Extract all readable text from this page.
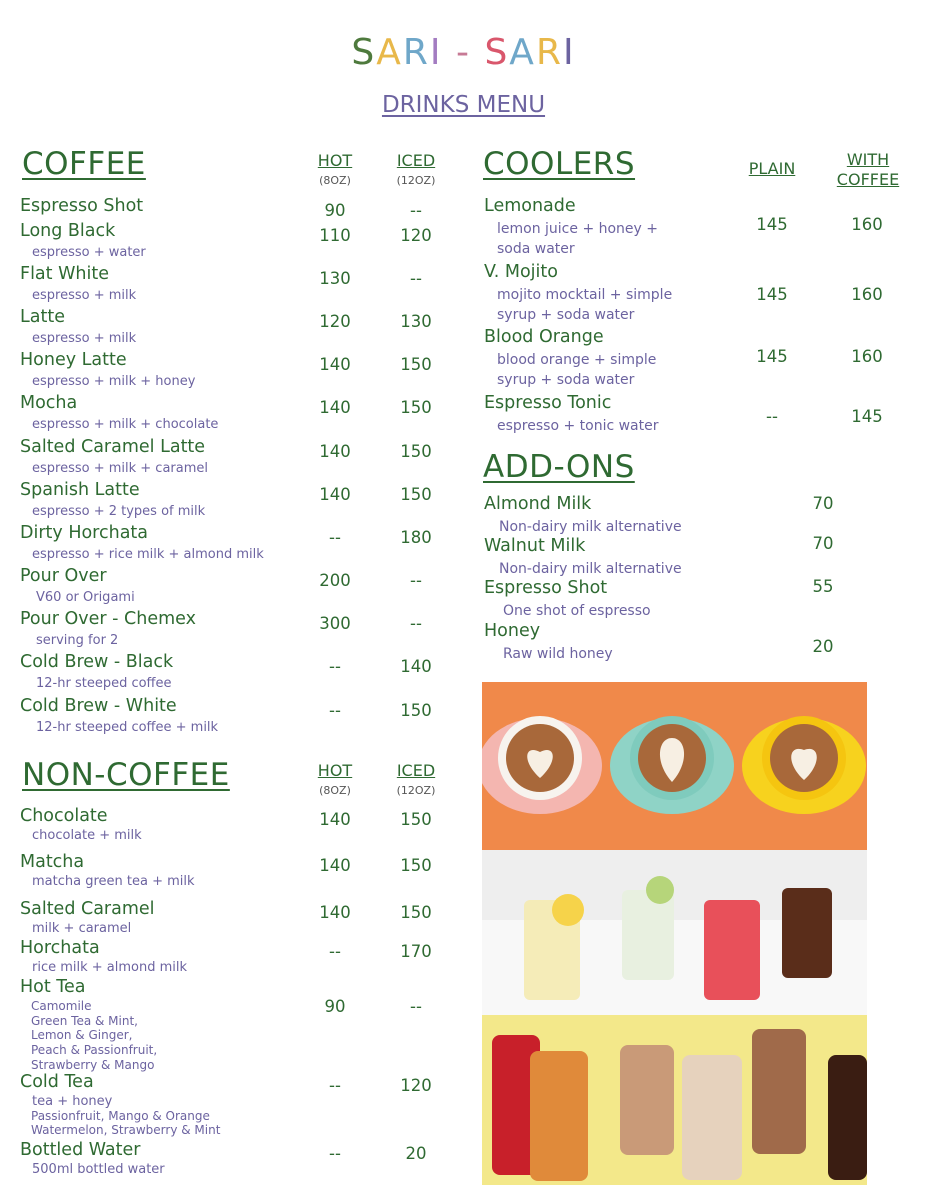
SARI - SARI
DRINKS MENU
COFFEE	HOT
(8OZ)
ICED
(12OZ)
Espresso Shot	90	--
Long Black
espresso + water
110	120
Flat White
espresso + milk
130	--
Latte
espresso + milk
120	130
Honey Latte
espresso + milk + honey
140	150
Mocha
espresso + milk + chocolate
140	150
Salted Caramel Latte
espresso + milk + caramel
140	150
Spanish Latte
espresso + 2 types of milk
140	150
Dirty Horchata
espresso + rice milk + almond milk
--	180
Pour Over
V60 or Origami
200	--
Pour Over - Chemex
serving for 2
300	--
Cold Brew - Black
12-hr steeped coffee
--	140
Cold Brew - White
12-hr steeped coffee + milk
--	150
NON-COFFEE	HOT
(8OZ)
ICED
(12OZ)
Chocolate
chocolate + milk
140	150
Matcha
matcha green tea + milk
140	150
Salted Caramel
milk + caramel
140	150
Horchata
rice milk + almond milk
--	170
Hot Tea
Camomile
Green Tea & Mint,
Lemon & Ginger,
Peach & Passionfruit,
Strawberry & Mango
90	--
Cold Tea
tea + honey
Passionfruit, Mango & Orange
Watermelon, Strawberry & Mint
--	120
Bottled Water
500ml bottled water
--	20
COOLERS	PLAIN	WITH
COFFEE
Lemonade
lemon juice + honey +
soda water
145	160
V. Mojito
mojito mocktail + simple
syrup + soda water
145	160
Blood Orange
blood orange + simple
syrup + soda water
145	160
Espresso Tonic
espresso + tonic water	--	145
ADD-ONS
Almond Milk
Non-dairy milk alternative
70
Walnut Milk
Non-dairy milk alternative
70
Espresso Shot
One shot of espresso
55
Honey
Raw wild honey	20
